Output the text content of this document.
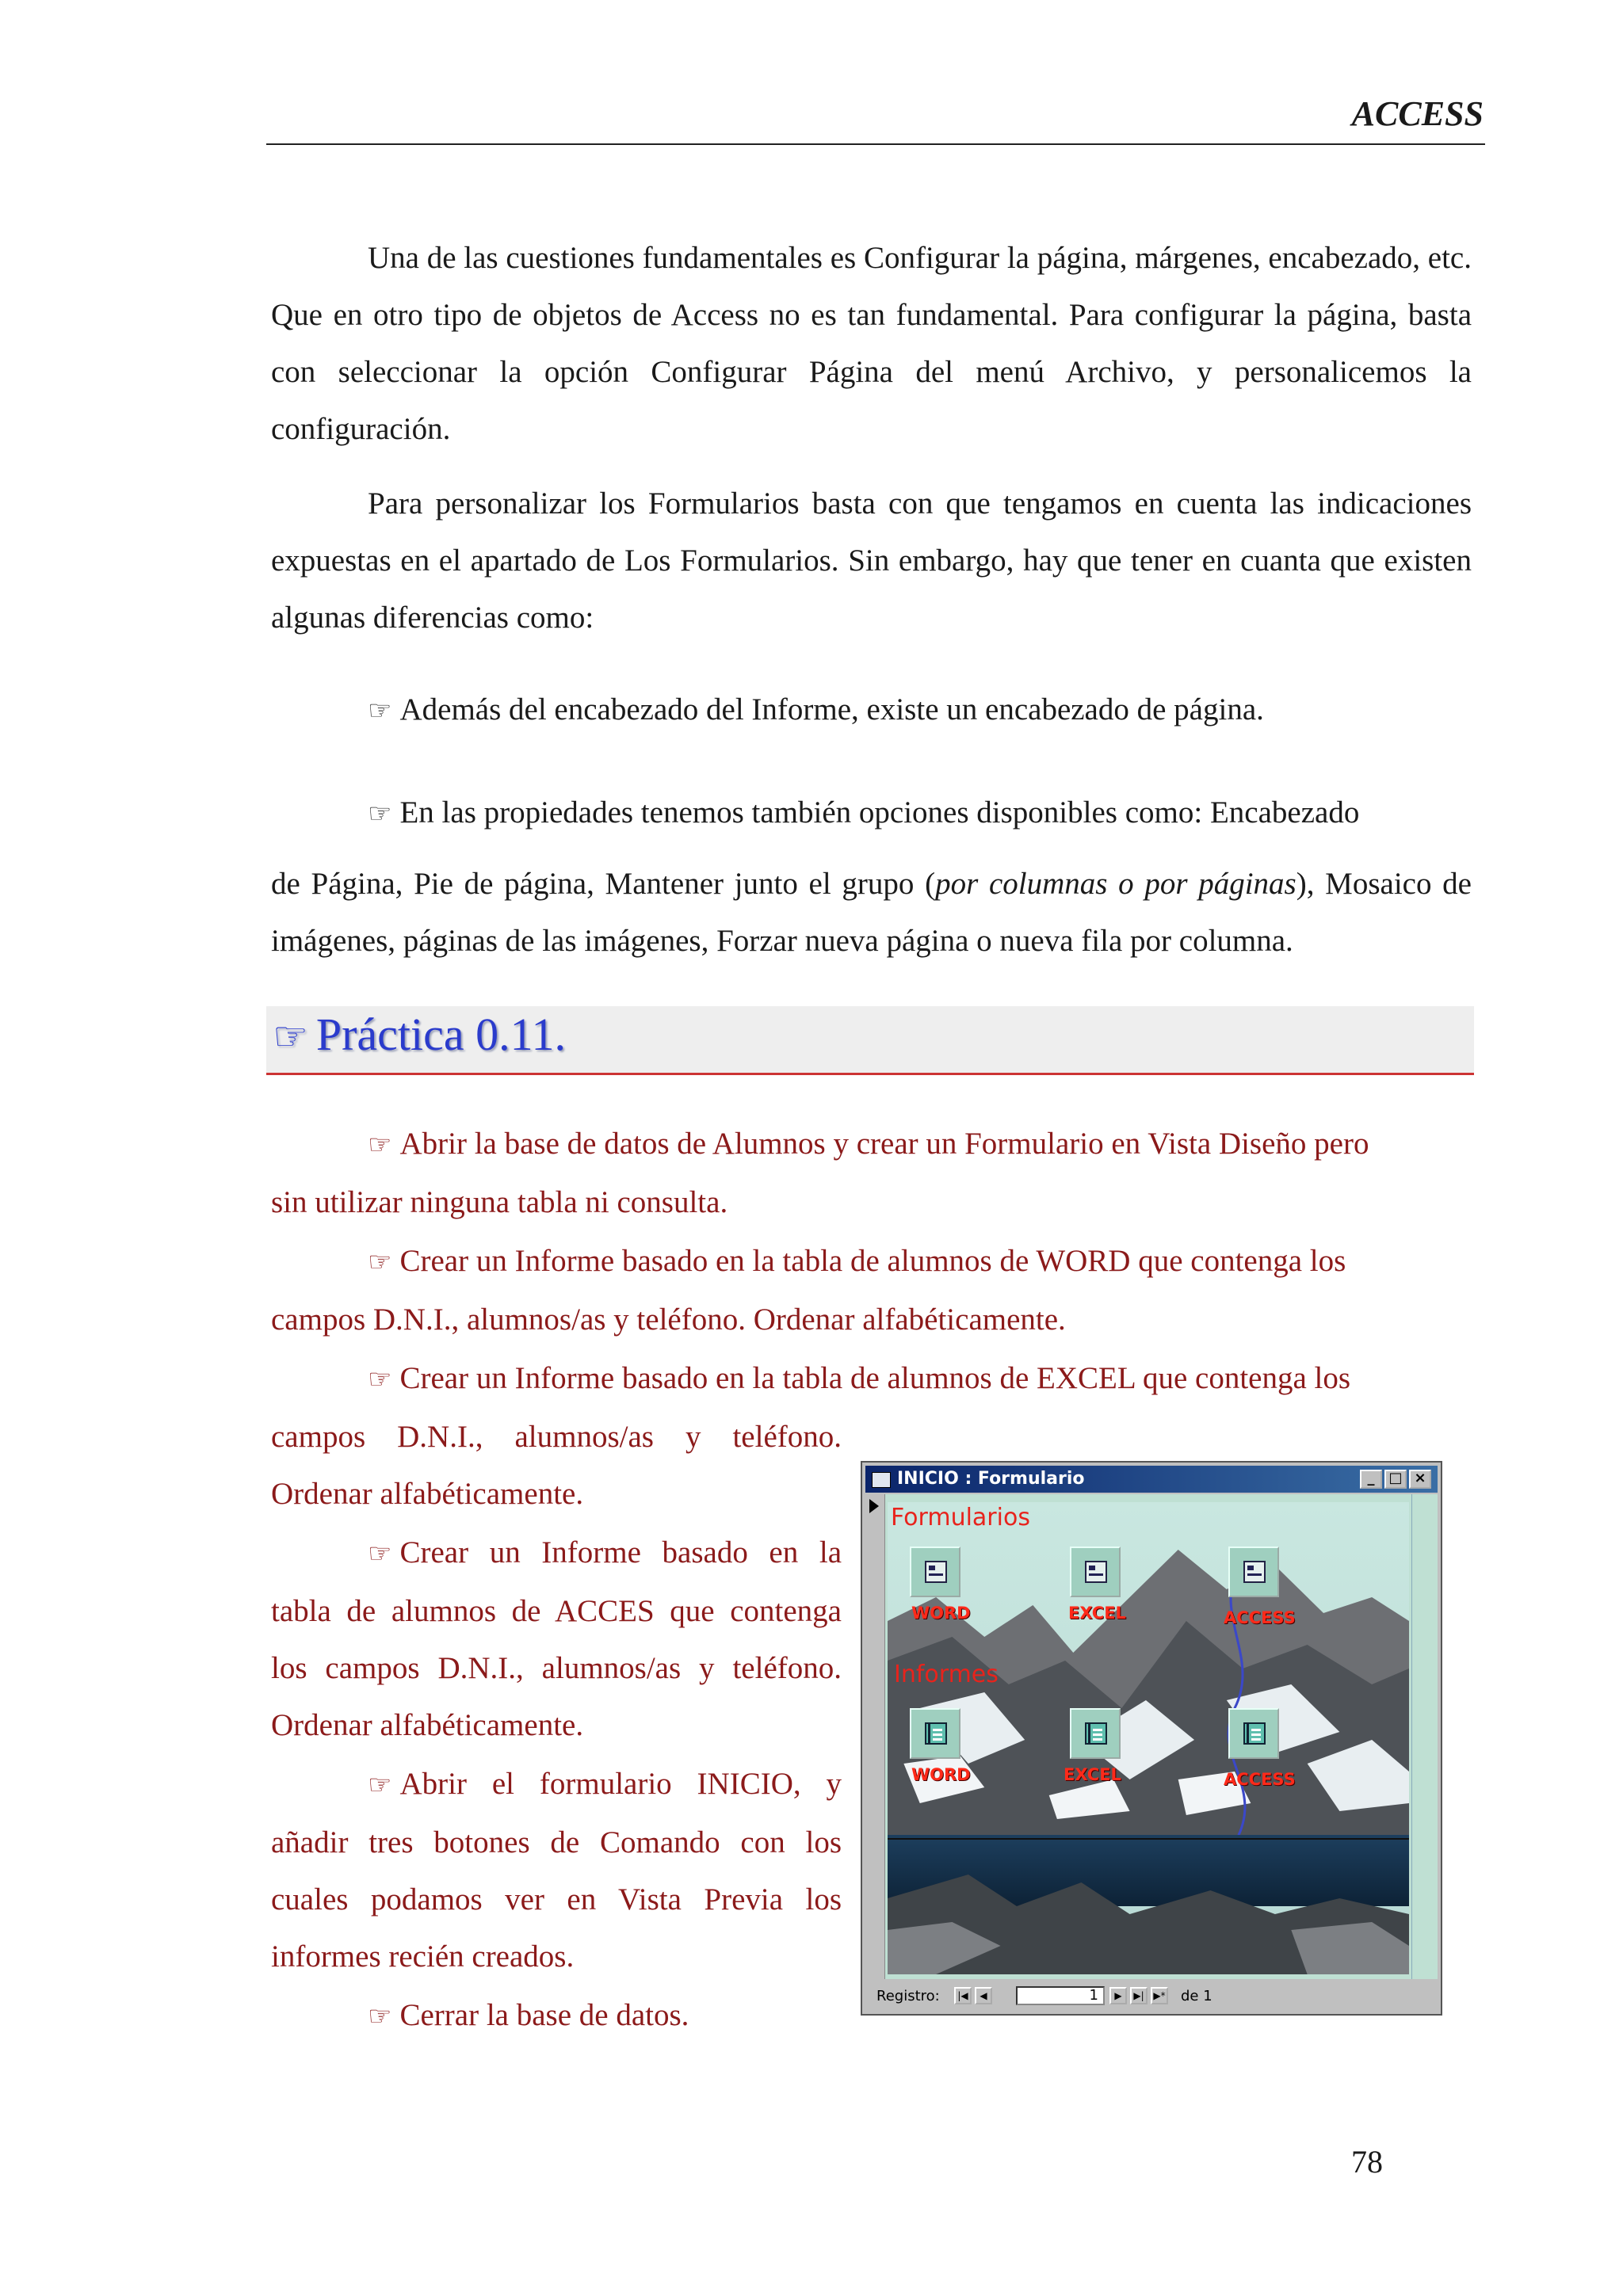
ACCESS
Una de las cuestiones fundamentales es Configurar la página, márgenes, encabezado, etc. Que en otro tipo de objetos de Access no es tan fundamental. Para configurar la página, basta con seleccionar la opción Configurar Página del menú Archivo, y personalicemos la configuración.
Para personalizar los Formularios basta con que tengamos en cuenta las indicaciones expuestas en el apartado de Los Formularios. Sin embargo, hay que tener en cuanta que existen algunas diferencias como:
☞ Además del encabezado del Informe, existe un encabezado de página.
☞ En las propiedades tenemos también opciones disponibles como: Encabezado
de Página, Pie de página, Mantener junto el grupo (por columnas o por páginas), Mosaico de imágenes, páginas de las imágenes, Forzar nueva página o nueva fila por columna.
☞ Práctica 0.11.
☞ Abrir la base de datos de Alumnos y crear un Formulario en Vista Diseño pero
sin utilizar ninguna tabla ni consulta.
☞ Crear un Informe basado en la tabla de alumnos de WORD que contenga los
campos D.N.I., alumnos/as y teléfono. Ordenar alfabéticamente.
☞ Crear un Informe basado en la tabla de alumnos de EXCEL que contenga los
campos D.N.I., alumnos/as y teléfono.
Ordenar alfabéticamente.
☞ Crear un Informe basado en la
tabla de alumnos de ACCES que contenga
los campos D.N.I., alumnos/as y teléfono.
Ordenar alfabéticamente.
☞ Abrir el formulario INICIO, y
añadir tres botones de Comando con los
cuales podamos ver en Vista Previa los
informes recién creados.
☞ Cerrar la base de datos.
INICIO : Formulario	_ □ ×
Formularios
Informes
WORD	EXCEL	ACCESS
WORD	EXCEL	ACCESS
Registro:	|◀	◀	1	▶	▶| ▶* de 1
78
